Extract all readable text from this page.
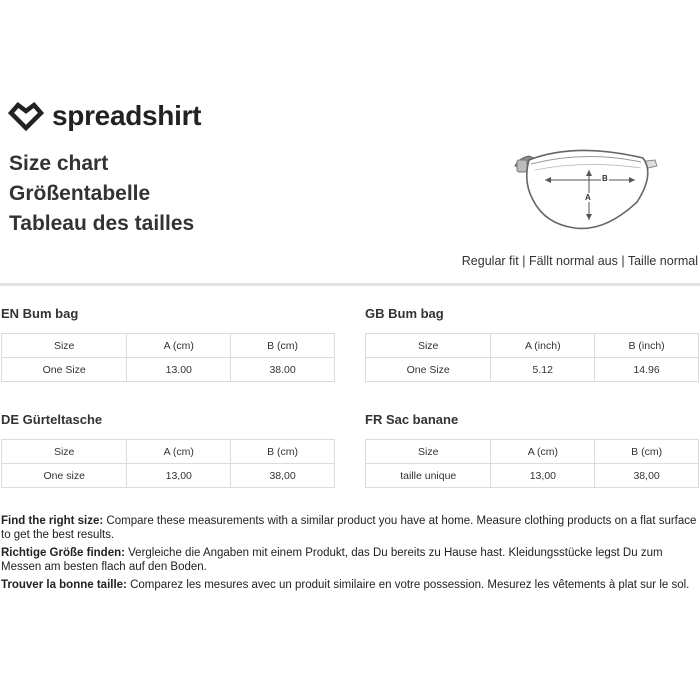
spreadshirt
Size chart
Größentabelle
Tableau des tailles
B
A
Regular fit | Fällt normal aus | Taille normal
EN Bum bag
Size	A (cm)	B (cm)
One Size	13.00	38.00
GB Bum bag
Size	A (inch)	B (inch)
One Size	5.12	14.96
DE Gürteltasche
Size	A (cm)	B (cm)
One size	13,00	38,00
FR Sac banane
Size	A (cm)	B (cm)
taille unique	13,00	38,00

Find the right size: Compare these measurements with a similar product you have at home. Measure clothing products on a flat surface to get the best results.

Richtige Größe finden: Vergleiche die Angaben mit einem Produkt, das Du bereits zu Hause hast. Kleidungsstücke legst Du zum Messen am besten flach auf den Boden.

Trouver la bonne taille: Comparez les mesures avec un produit similaire en votre possession. Mesurez les vêtements à plat sur le sol.
